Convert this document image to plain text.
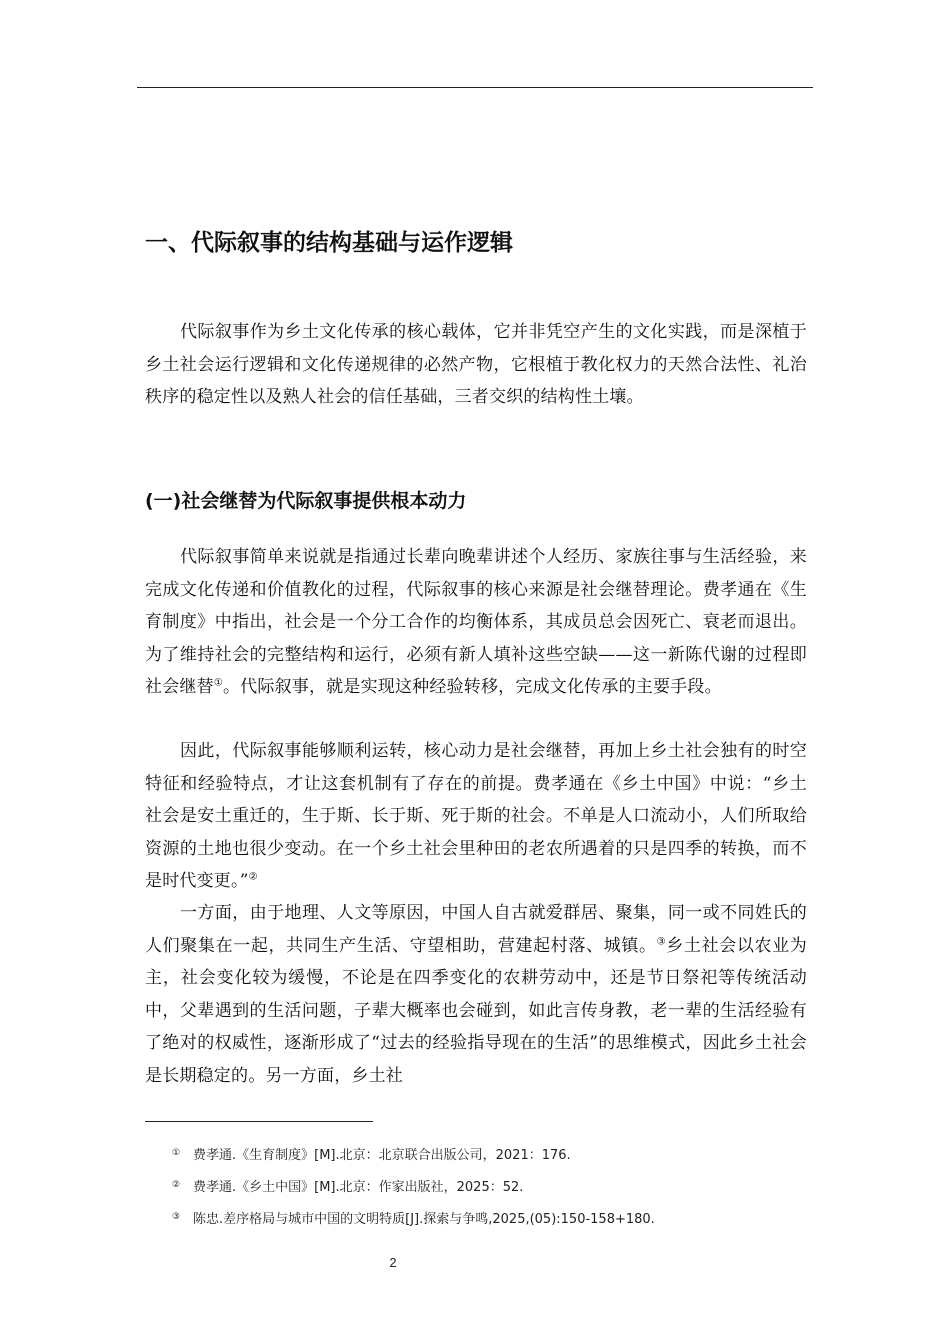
一、代际叙事的结构基础与运作逻辑

代际叙事作为乡土文化传承的核心载体，它并非凭空产生的文化实践，而是深植于乡土社会运行逻辑和文化传递规律的必然产物，它根植于教化权力的天然合法性、礼治秩序的稳定性以及熟人社会的信任基础，三者交织的结构性土壤。

(一)社会继替为代际叙事提供根本动力

代际叙事简单来说就是指通过长辈向晚辈讲述个人经历、家族往事与生活经验，来完成文化传递和价值教化的过程，代际叙事的核心来源是社会继替理论。费孝通在《生育制度》中指出，社会是一个分工合作的均衡体系，其成员总会因死亡、衰老而退出。为了维持社会的完整结构和运行，必须有新人填补这些空缺——这一新陈代谢的过程即社会继替①。代际叙事，就是实现这种经验转移，完成文化传承的主要手段。

因此，代际叙事能够顺利运转，核心动力是社会继替，再加上乡土社会独有的时空特征和经验特点，才让这套机制有了存在的前提。费孝通在《乡土中国》中说：“乡土社会是安土重迁的，生于斯、长于斯、死于斯的社会。不单是人口流动小，人们所取给资源的土地也很少变动。在一个乡土社会里种田的老农所遇着的只是四季的转换，而不是时代变更。”②

一方面，由于地理、人文等原因，中国人自古就爱群居、聚集，同一或不同姓氏的人们聚集在一起，共同生产生活、守望相助，营建起村落、城镇。③乡土社会以农业为主，社会变化较为缓慢，不论是在四季变化的农耕劳动中，还是节日祭祀等传统活动中，父辈遇到的生活问题，子辈大概率也会碰到，如此言传身教，老一辈的生活经验有了绝对的权威性，逐渐形成了“过去的经验指导现在的生活”的思维模式，因此乡土社会是长期稳定的。另一方面，乡土社

① 费孝通.《生育制度》[M].北京：北京联合出版公司，2021：176.
② 费孝通.《乡土中国》[M].北京：作家出版社，2025：52.
③ 陈忠.差序格局与城市中国的文明特质[J].探索与争鸣,2025,(05):150-158+180.
2
